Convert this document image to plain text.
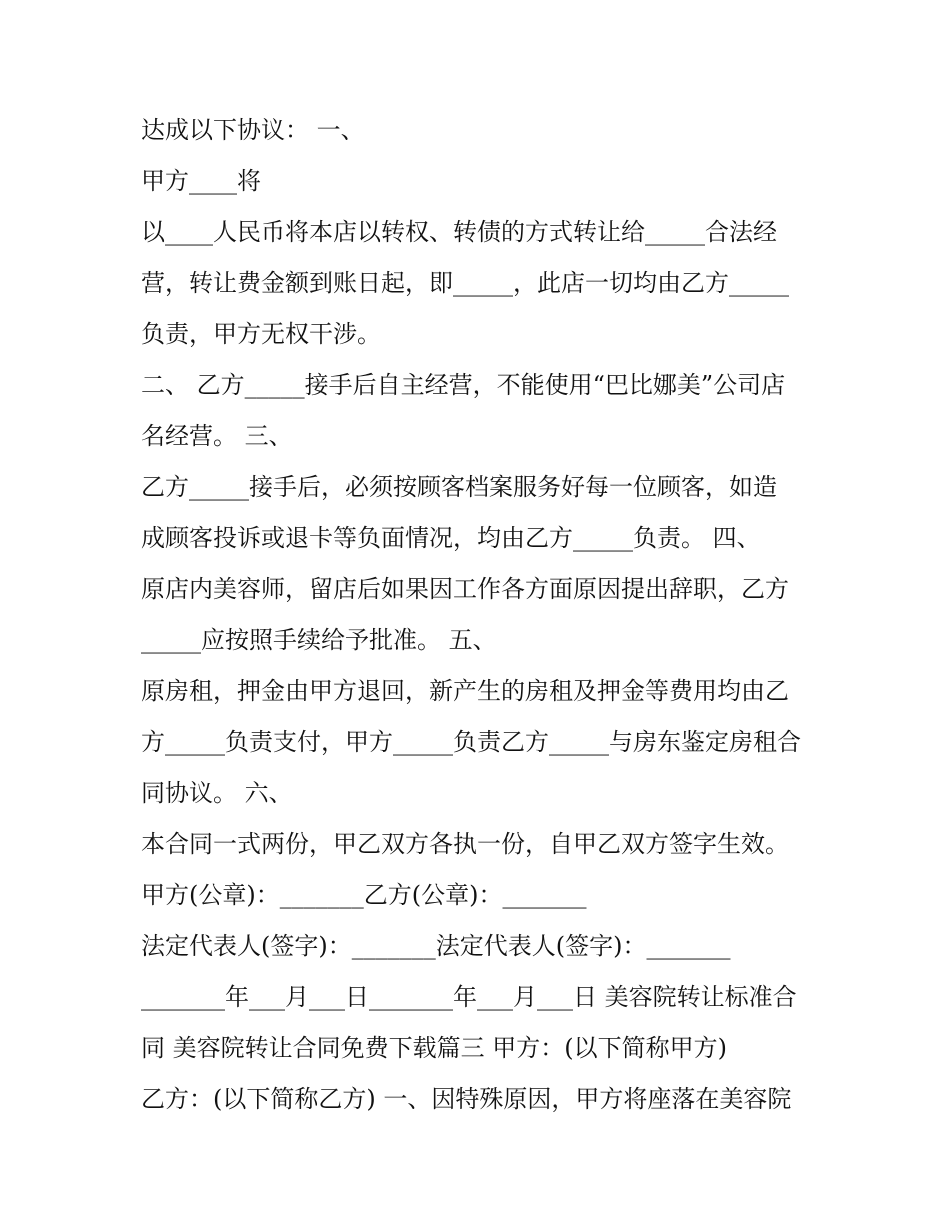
达成以下协议： 一、
甲方____将
以____人民币将本店以转权、转债的方式转让给_____合法经
营，转让费金额到账日起，即_____，此店一切均由乙方_____
负责，甲方无权干涉。
二、 乙方_____接手后自主经营，不能使用“巴比娜美”公司店
名经营。 三、
乙方_____接手后，必须按顾客档案服务好每一位顾客，如造
成顾客投诉或退卡等负面情况，均由乙方_____负责。 四、
原店内美容师，留店后如果因工作各方面原因提出辞职，乙方
_____应按照手续给予批准。 五、
原房租，押金由甲方退回，新产生的房租及押金等费用均由乙
方_____负责支付，甲方_____负责乙方_____与房东鉴定房租合
同协议。 六、
本合同一式两份，甲乙双方各执一份，自甲乙双方签字生效。
甲方(公章)：_______乙方(公章)：_______
法定代表人(签字)：_______法定代表人(签字)：_______
_______年___月___日_______年___月___日 美容院转让标准合
同 美容院转让合同免费下载篇三 甲方：(以下简称甲方)
乙方：(以下简称乙方) 一、因特殊原因，甲方将座落在美容院
